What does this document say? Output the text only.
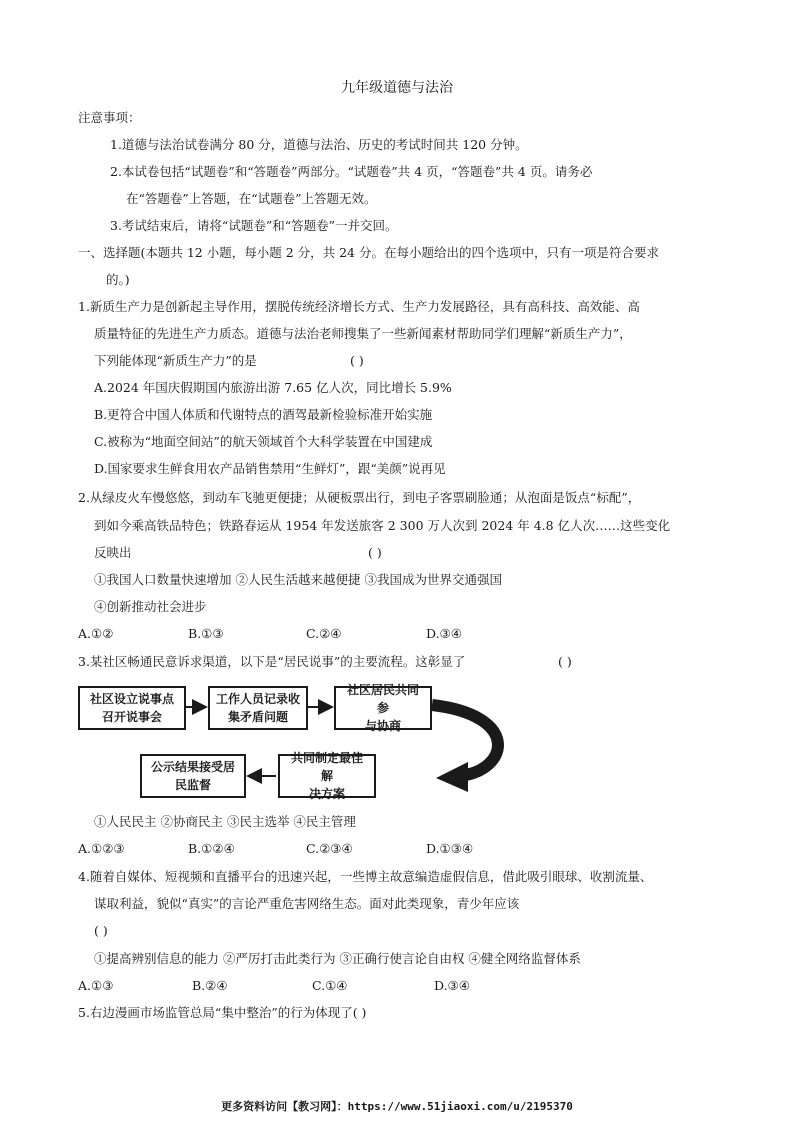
九年级道德与法治
注意事项：
1.道德与法治试卷满分 80 分，道德与法治、历史的考试时间共 120 分钟。
2.本试卷包括“试题卷”和“答题卷”两部分。“试题卷”共 4 页，“答题卷”共 4 页。请务必
在“答题卷”上答题，在“试题卷”上答题无效。
3.考试结束后，请将“试题卷”和“答题卷”一并交回。
一、选择题(本题共 12 小题，每小题 2 分，共 24 分。在每小题给出的四个选项中，只有一项是符合要求
的。)
1.新质生产力是创新起主导作用，摆脱传统经济增长方式、生产力发展路径，具有高科技、高效能、高
质量特征的先进生产力质态。道德与法治老师搜集了一些新闻素材帮助同学们理解“新质生产力”，
下列能体现“新质生产力”的是	( )
A.2024 年国庆假期国内旅游出游 7.65 亿人次，同比增长 5.9%
B.更符合中国人体质和代谢特点的酒驾最新检验标准开始实施
C.被称为“地面空间站”的航天领域首个大科学装置在中国建成
D.国家要求生鲜食用农产品销售禁用“生鲜灯”，跟“美颜”说再见
2.从绿皮火车慢悠悠，到动车飞驰更便捷；从硬板票出行，到电子客票刷脸通；从泡面是饭点“标配”，
到如今乘高铁品特色；铁路春运从 1954 年发送旅客 2 300 万人次到 2024 年 4.8 亿人次……这些变化
反映出	( )
①我国人口数量快速增加 ②人民生活越来越便捷 ③我国成为世界交通强国
④创新推动社会进步
A.①②	B.①③	C.②④	D.③④
3.某社区畅通民意诉求渠道，以下是“居民说事”的主要流程。这彰显了	( )
社区设立说事点
召开说事会
工作人员记录收
集矛盾问题
社区居民共同参
与协商
共同制定最佳解
决方案
公示结果接受居
民监督
①人民民主 ②协商民主 ③民主选举 ④民主管理
A.①②③	B.①②④	C.②③④	D.①③④
4.随着自媒体、短视频和直播平台的迅速兴起，一些博主故意编造虚假信息，借此吸引眼球、收割流量、
谋取利益，貌似“真实”的言论严重危害网络生态。面对此类现象，青少年应该
( )
①提高辨别信息的能力 ②严厉打击此类行为 ③正确行使言论自由权 ④健全网络监督体系
A.①③	B.②④	C.①④	D.③④
5.右边漫画市场监管总局“集中整治”的行为体现了( )
更多资料访问【教习网】：https://www.51jiaoxi.com/u/2195370
